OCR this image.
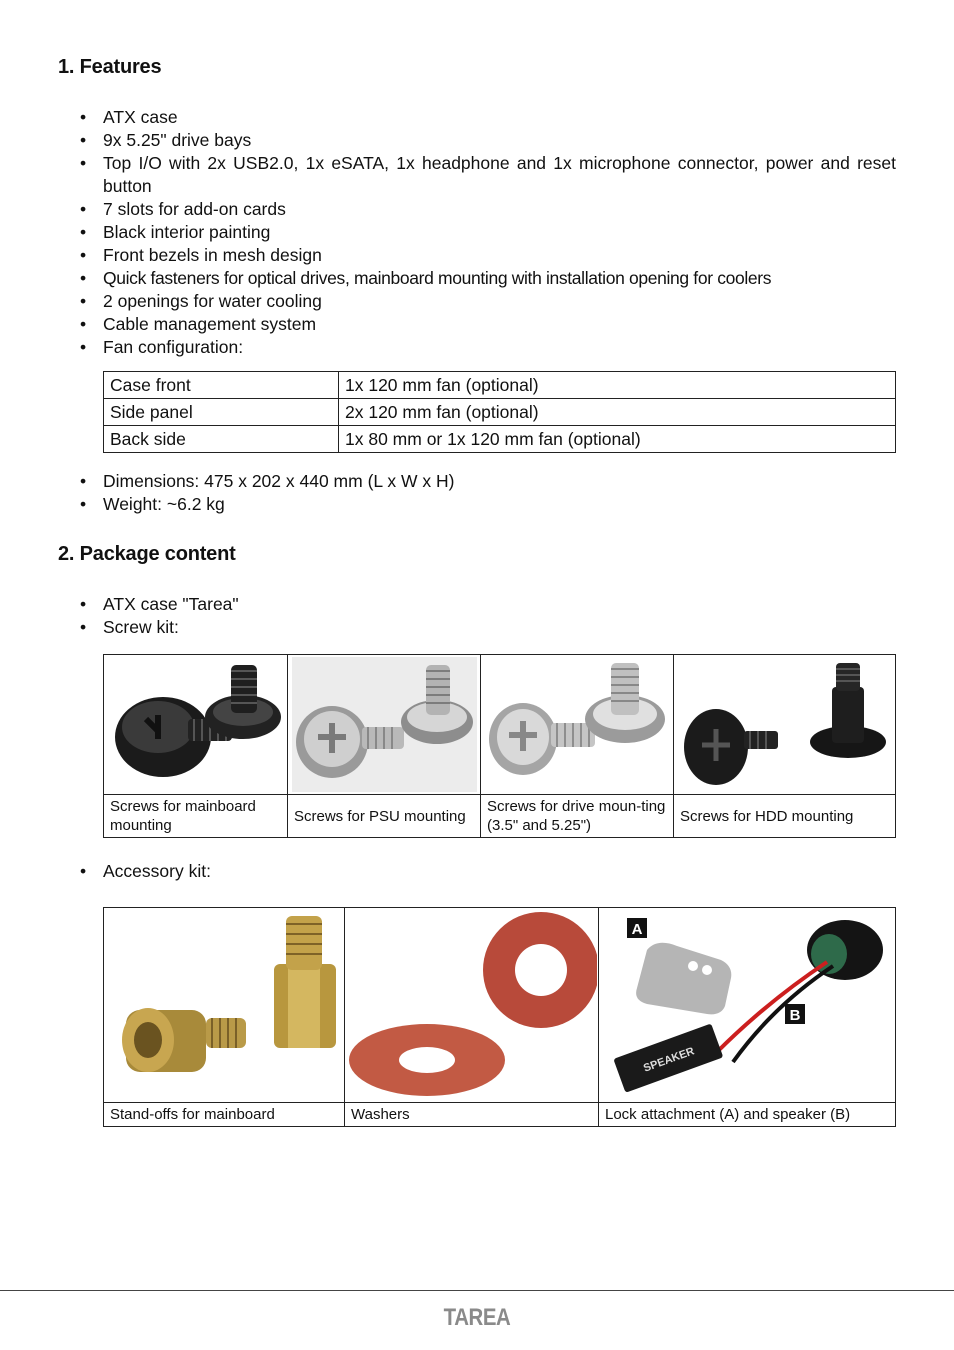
1. Features
• ATX case
• 9x 5.25" drive bays
• Top I/O with 2x USB2.0, 1x eSATA, 1x headphone and 1x microphone connector, power and reset button
• 7 slots for add-on cards
• Black interior painting
• Front bezels in mesh design
• Quick fasteners for optical drives, mainboard mounting with installation opening for coolers
• 2 openings for water cooling
• Cable management system
• Fan configuration:
Case front	1x 120 mm fan (optional)
Side panel	2x 120 mm fan (optional)
Back side	1x 80 mm or 1x 120 mm fan (optional)
• Dimensions: 475 x 202 x 440 mm (L x W x H)
• Weight: ~6.2 kg
2. Package content
• ATX case "Tarea"
• Screw kit:

Screws for mainboard mounting	Screws for PSU mounting	Screws for drive moun-ting (3.5" and 5.25")	Screws for HDD mounting
• Accessory kit:

A
B
SPEAKER

Stand-offs for mainboard	Washers	Lock attachment (A) and speaker (B)
TAREA
